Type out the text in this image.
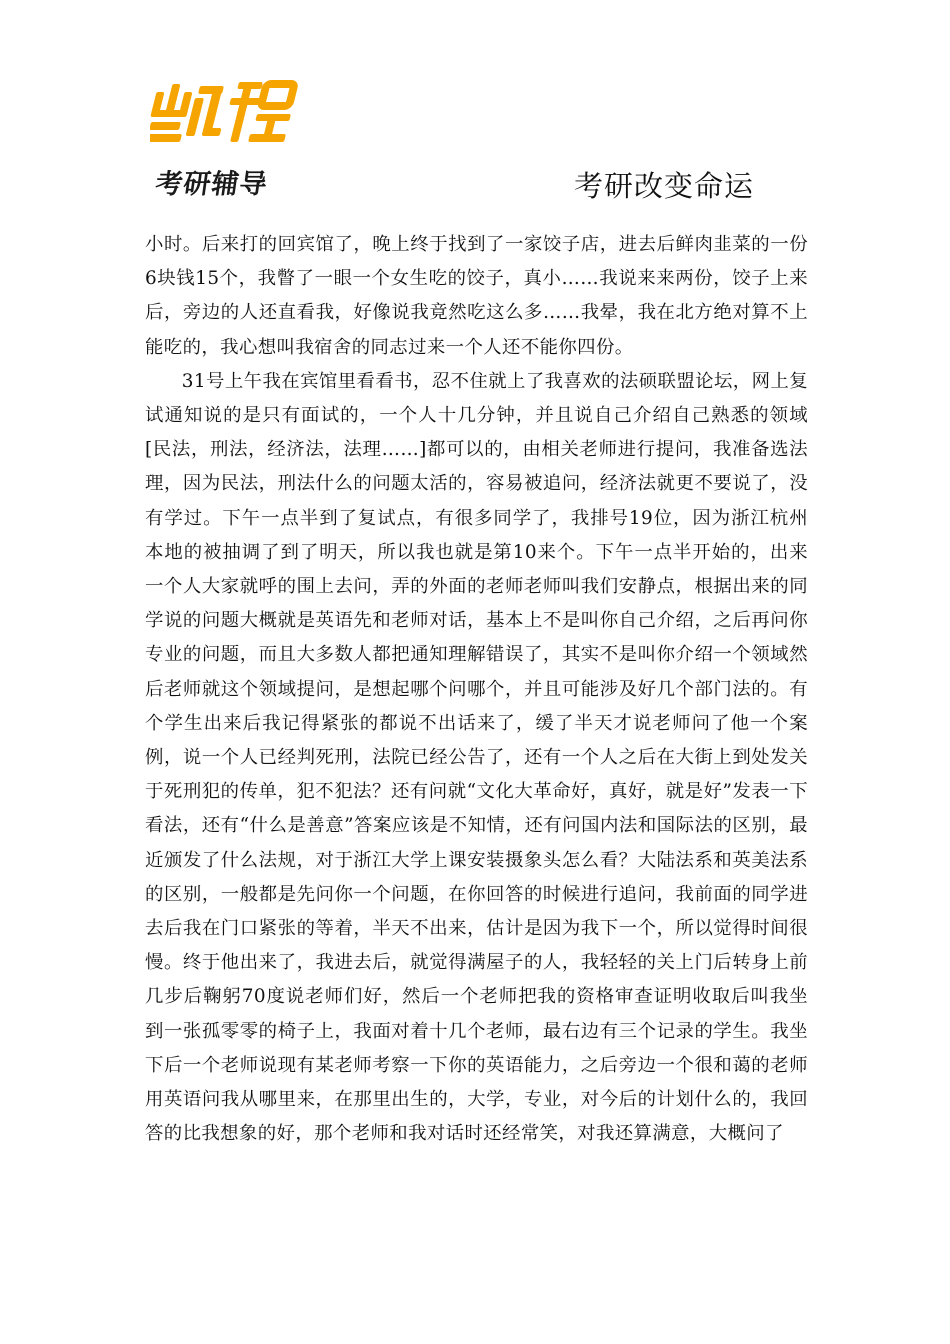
考研辅导	考研改变命运

小时。后来打的回宾馆了，晚上终于找到了一家饺子店，进去后鲜肉韭菜的一份6块钱15个，我瞥了一眼一个女生吃的饺子，真小……我说来来两份，饺子上来后，旁边的人还直看我，好像说我竟然吃这么多……我晕，我在北方绝对算不上能吃的，我心想叫我宿舍的同志过来一个人还不能你四份。

31号上午我在宾馆里看看书，忍不住就上了我喜欢的法硕联盟论坛，网上复试通知说的是只有面试的，一个人十几分钟，并且说自己介绍自己熟悉的领域[民法，刑法，经济法，法理……]都可以的，由相关老师进行提问，我准备选法理，因为民法，刑法什么的问题太活的，容易被追问，经济法就更不要说了，没有学过。下午一点半到了复试点，有很多同学了，我排号19位，因为浙江杭州本地的被抽调了到了明天，所以我也就是第10来个。下午一点半开始的，出来一个人大家就呼的围上去问，弄的外面的老师老师叫我们安静点，根据出来的同学说的问题大概就是英语先和老师对话，基本上不是叫你自己介绍，之后再问你专业的问题，而且大多数人都把通知理解错误了，其实不是叫你介绍一个领域然后老师就这个领域提问，是想起哪个问哪个，并且可能涉及好几个部门法的。有个学生出来后我记得紧张的都说不出话来了，缓了半天才说老师问了他一个案例，说一个人已经判死刑，法院已经公告了，还有一个人之后在大街上到处发关于死刑犯的传单，犯不犯法？还有问就“文化大革命好，真好，就是好”发表一下看法，还有“什么是善意”答案应该是不知情，还有问国内法和国际法的区别，最近颁发了什么法规，对于浙江大学上课安装摄象头怎么看？大陆法系和英美法系的区别，一般都是先问你一个问题，在你回答的时候进行追问，我前面的同学进去后我在门口紧张的等着，半天不出来，估计是因为我下一个，所以觉得时间很慢。终于他出来了，我进去后，就觉得满屋子的人，我轻轻的关上门后转身上前几步后鞠躬70度说老师们好，然后一个老师把我的资格审查证明收取后叫我坐到一张孤零零的椅子上，我面对着十几个老师，最右边有三个记录的学生。我坐下后一个老师说现有某老师考察一下你的英语能力，之后旁边一个很和蔼的老师用英语问我从哪里来，在那里出生的，大学，专业，对今后的计划什么的，我回答的比我想象的好，那个老师和我对话时还经常笑，对我还算满意，大概问了
